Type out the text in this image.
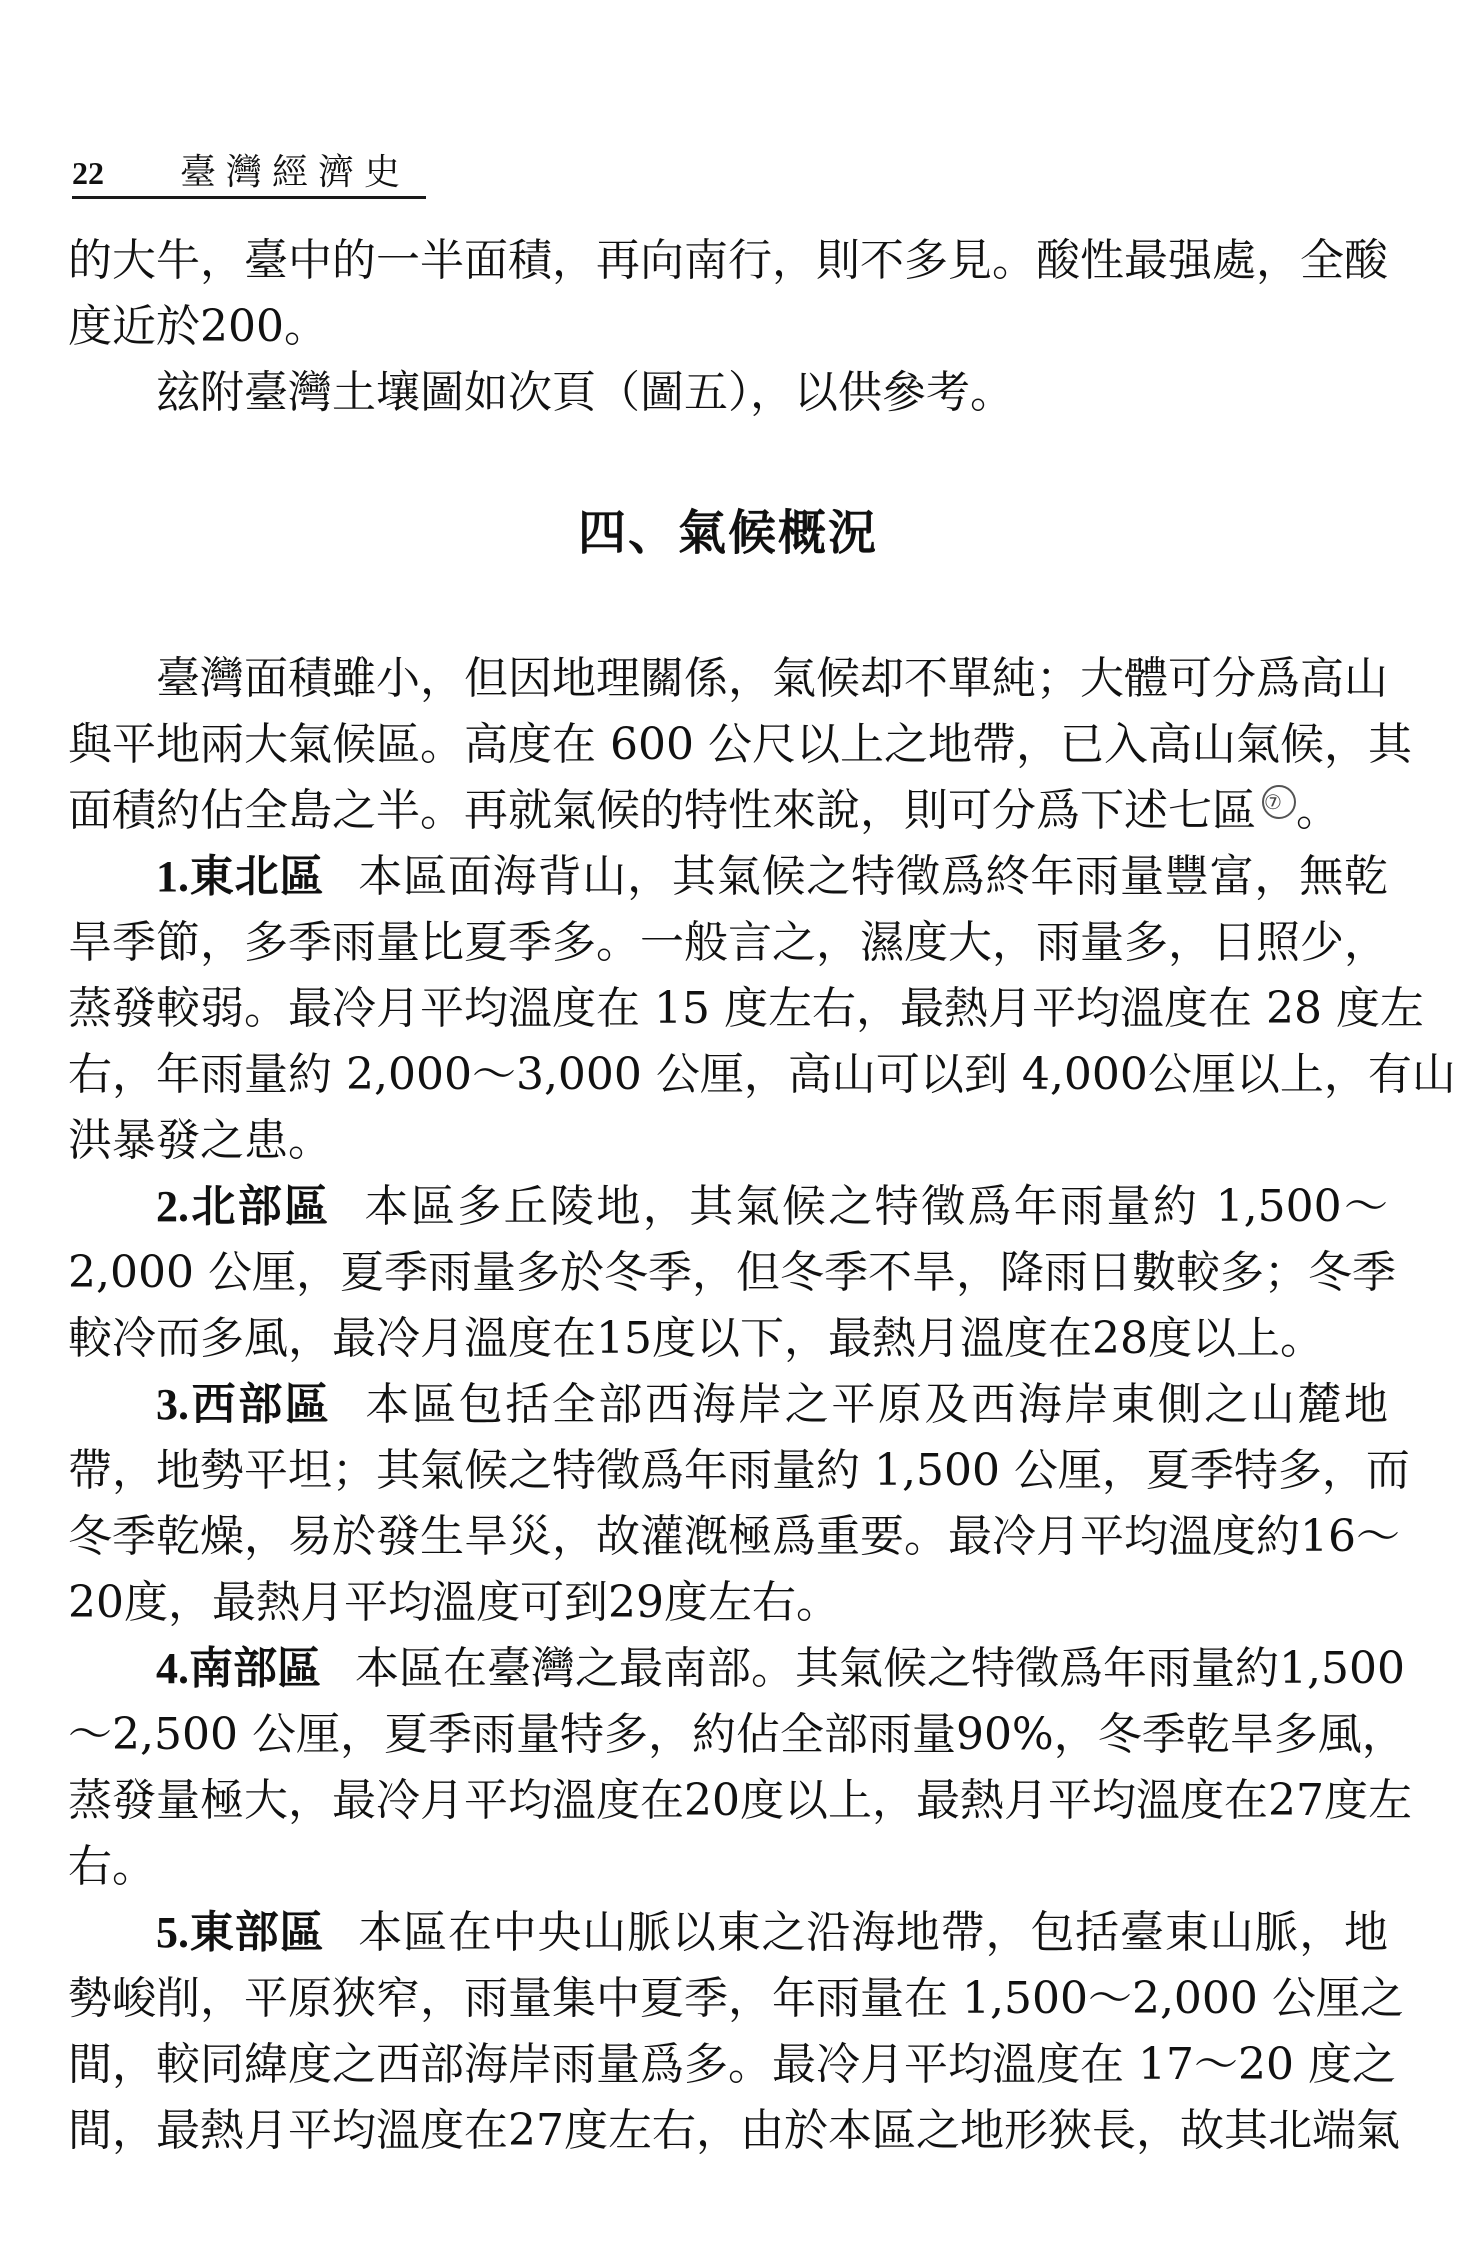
22 臺灣經濟史
的大牛，臺中的一半面積，再向南行，則不多見。酸性最强處，全酸
度近於200。
玆附臺灣土壤圖如次頁（圖五），以供參考。
四、氣候概況
臺灣面積雖小，但因地理關係，氣候却不單純；大體可分爲高山
與平地兩大氣候區。高度在 600 公尺以上之地帶，已入高山氣候，其
面積約佔全島之半。再就氣候的特性來說，則可分爲下述七區 ⑦ 。
1.東北區 本區面海背山，其氣候之特徵爲終年雨量豐富，無乾
旱季節，多季雨量比夏季多。一般言之，濕度大，雨量多，日照少，
蒸發較弱。最冷月平均溫度在 15 度左右，最熱月平均溫度在 28 度左
右，年雨量約 2,000～3,000 公厘，高山可以到 4,000公厘以上，有山
洪暴發之患。
2.北部區 本區多丘陵地，其氣候之特徵爲年雨量約 1,500～
2,000 公厘，夏季雨量多於冬季，但冬季不旱，降雨日數較多；冬季
較冷而多風，最冷月溫度在15度以下，最熱月溫度在28度以上。
3.西部區 本區包括全部西海岸之平原及西海岸東側之山麓地
帶，地勢平坦；其氣候之特徵爲年雨量約 1,500 公厘，夏季特多，而
冬季乾燥，易於發生旱災，故灌漑極爲重要。最冷月平均溫度約16～
20度，最熱月平均溫度可到29度左右。
4.南部區 本區在臺灣之最南部。其氣候之特徵爲年雨量約1,500
～2,500 公厘，夏季雨量特多，約佔全部雨量90%，冬季乾旱多風，
蒸發量極大，最冷月平均溫度在20度以上，最熱月平均溫度在27度左
右。
5.東部區 本區在中央山脈以東之沿海地帶，包括臺東山脈，地
勢峻削，平原狹窄，雨量集中夏季，年雨量在 1,500～2,000 公厘之
間，較同緯度之西部海岸雨量爲多。最冷月平均溫度在 17～20 度之
間，最熱月平均溫度在27度左右，由於本區之地形狹長，故其北端氣
